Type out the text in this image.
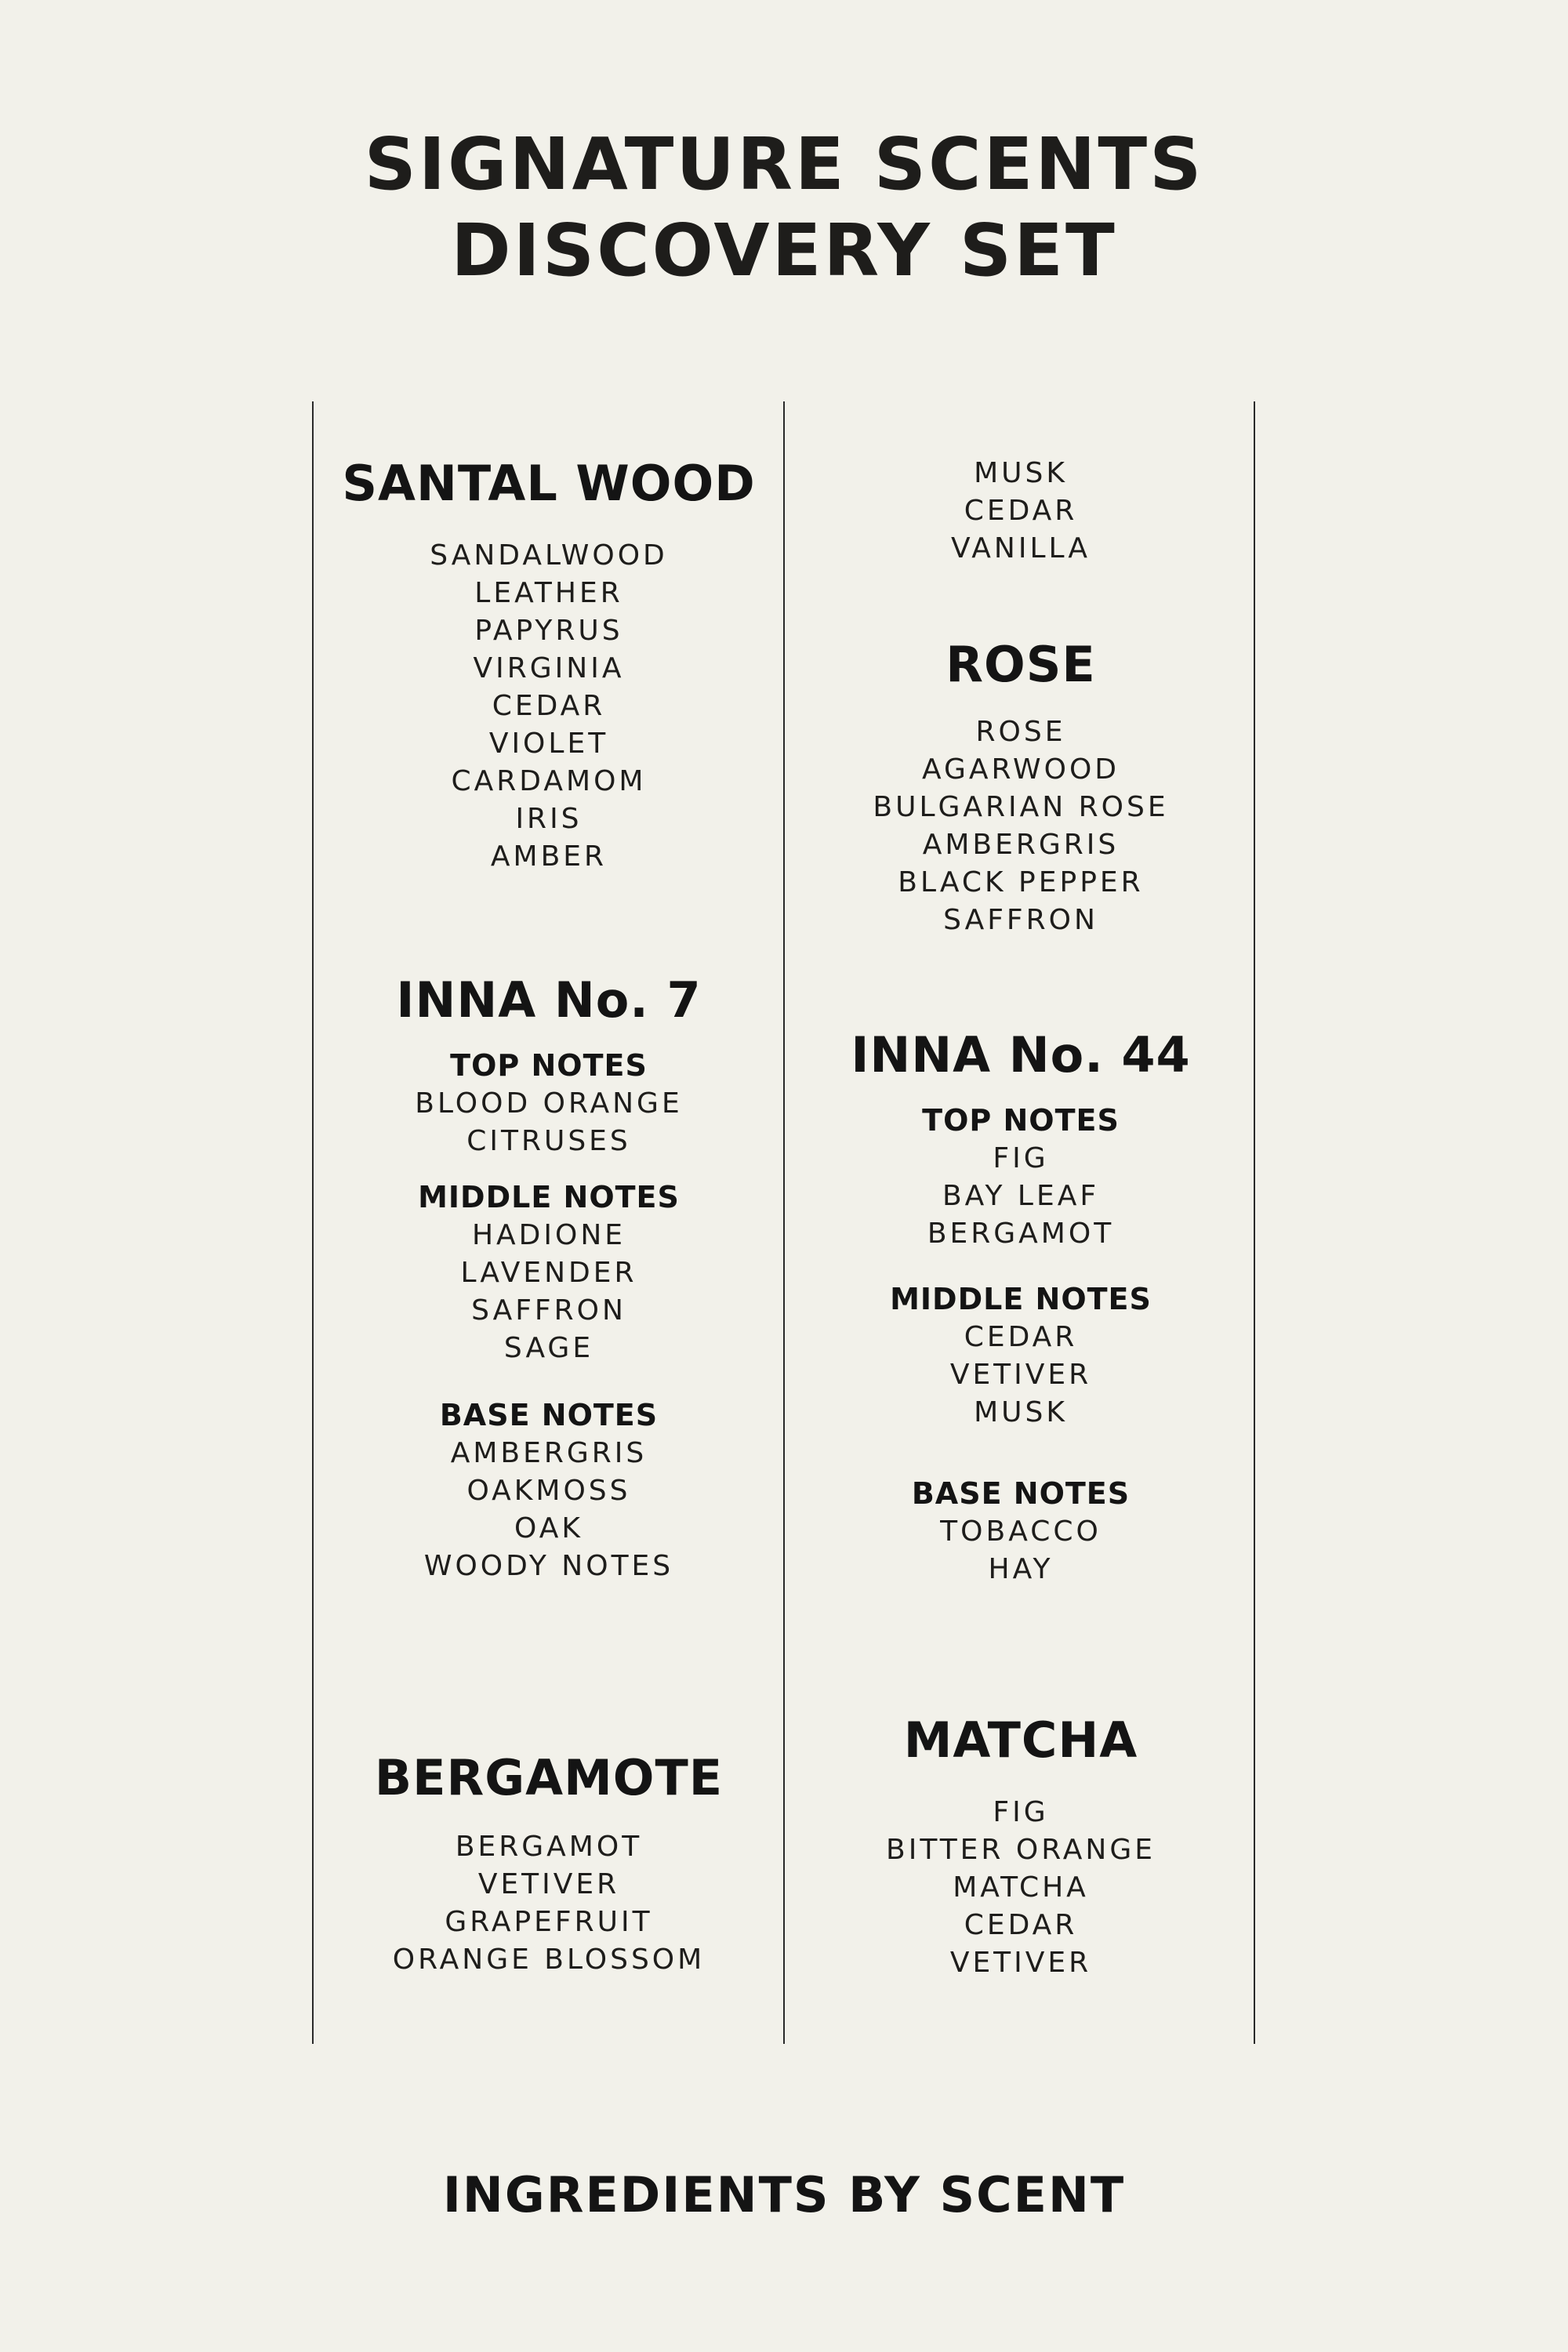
SIGNATURE SCENTS
DISCOVERY SET
SANTAL WOOD
SANDALWOOD
LEATHER
PAPYRUS
VIRGINIA
CEDAR
VIOLET
CARDAMOM
IRIS
AMBER
INNA No. 7
TOP NOTES
BLOOD ORANGE
CITRUSES
MIDDLE NOTES
HADIONE
LAVENDER
SAFFRON
SAGE
BASE NOTES
AMBERGRIS
OAKMOSS
OAK
WOODY NOTES
BERGAMOTE
BERGAMOT
VETIVER
GRAPEFRUIT
ORANGE BLOSSOM
MUSK
CEDAR
VANILLA
ROSE
ROSE
AGARWOOD
BULGARIAN ROSE
AMBERGRIS
BLACK PEPPER
SAFFRON
INNA No. 44
TOP NOTES
FIG
BAY LEAF
BERGAMOT
MIDDLE NOTES
CEDAR
VETIVER
MUSK
BASE NOTES
TOBACCO
HAY
MATCHA
FIG
BITTER ORANGE
MATCHA
CEDAR
VETIVER
INGREDIENTS BY SCENT
